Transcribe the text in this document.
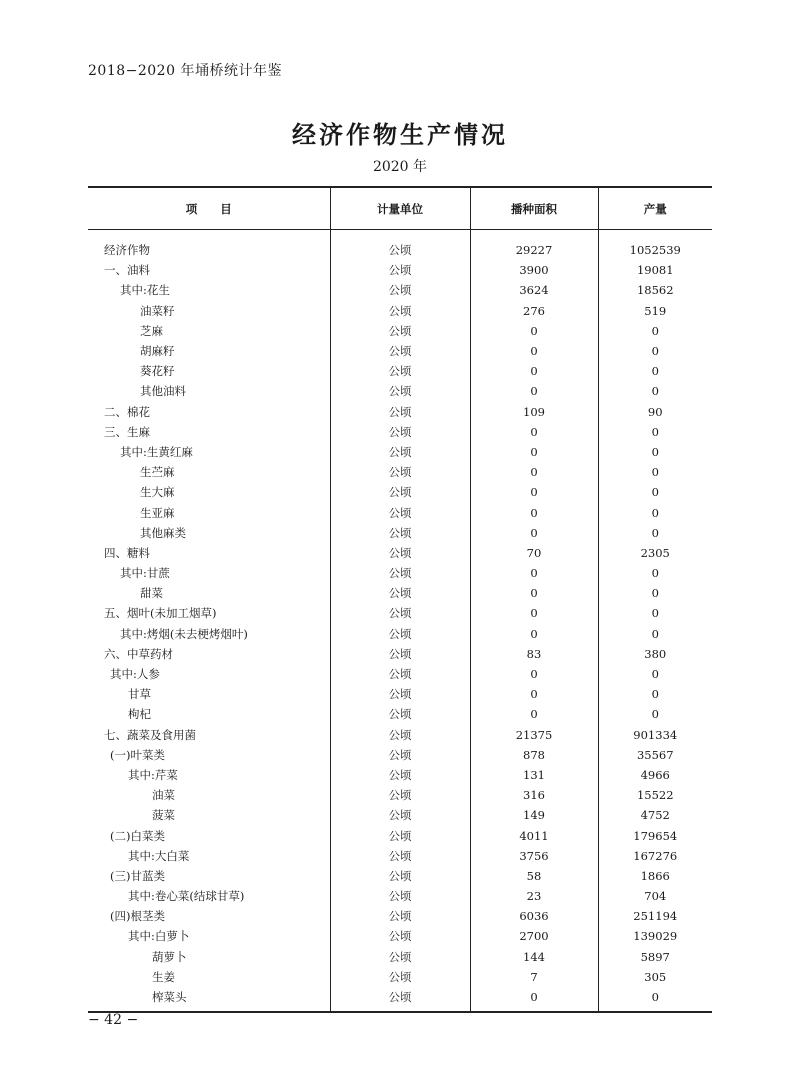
2018−2020 年埇桥统计年鉴
经济作物生产情况
2020 年
项　　目	计量单位	播种面积	产量
经济作物	公顷	29227	1052539
一、油料	公顷	3900	19081
其中:花生	公顷	3624	18562
油菜籽	公顷	276	519
芝麻	公顷	0	0
胡麻籽	公顷	0	0
葵花籽	公顷	0	0
其他油料	公顷	0	0
二、棉花	公顷	109	90
三、生麻	公顷	0	0
其中:生黄红麻	公顷	0	0
生苎麻	公顷	0	0
生大麻	公顷	0	0
生亚麻	公顷	0	0
其他麻类	公顷	0	0
四、糖料	公顷	70	2305
其中:甘蔗	公顷	0	0
甜菜	公顷	0	0
五、烟叶(未加工烟草)	公顷	0	0
其中:烤烟(未去梗烤烟叶)	公顷	0	0
六、中草药材	公顷	83	380
其中:人参	公顷	0	0
甘草	公顷	0	0
枸杞	公顷	0	0
七、蔬菜及食用菌	公顷	21375	901334
(一)叶菜类	公顷	878	35567
其中:芹菜	公顷	131	4966
油菜	公顷	316	15522
菠菜	公顷	149	4752
(二)白菜类	公顷	4011	179654
其中:大白菜	公顷	3756	167276
(三)甘蓝类	公顷	58	1866
其中:卷心菜(结球甘草)	公顷	23	704
(四)根茎类	公顷	6036	251194
其中:白萝卜	公顷	2700	139029
葫萝卜	公顷	144	5897
生姜	公顷	7	305
榨菜头	公顷	0	0
− 42 −
